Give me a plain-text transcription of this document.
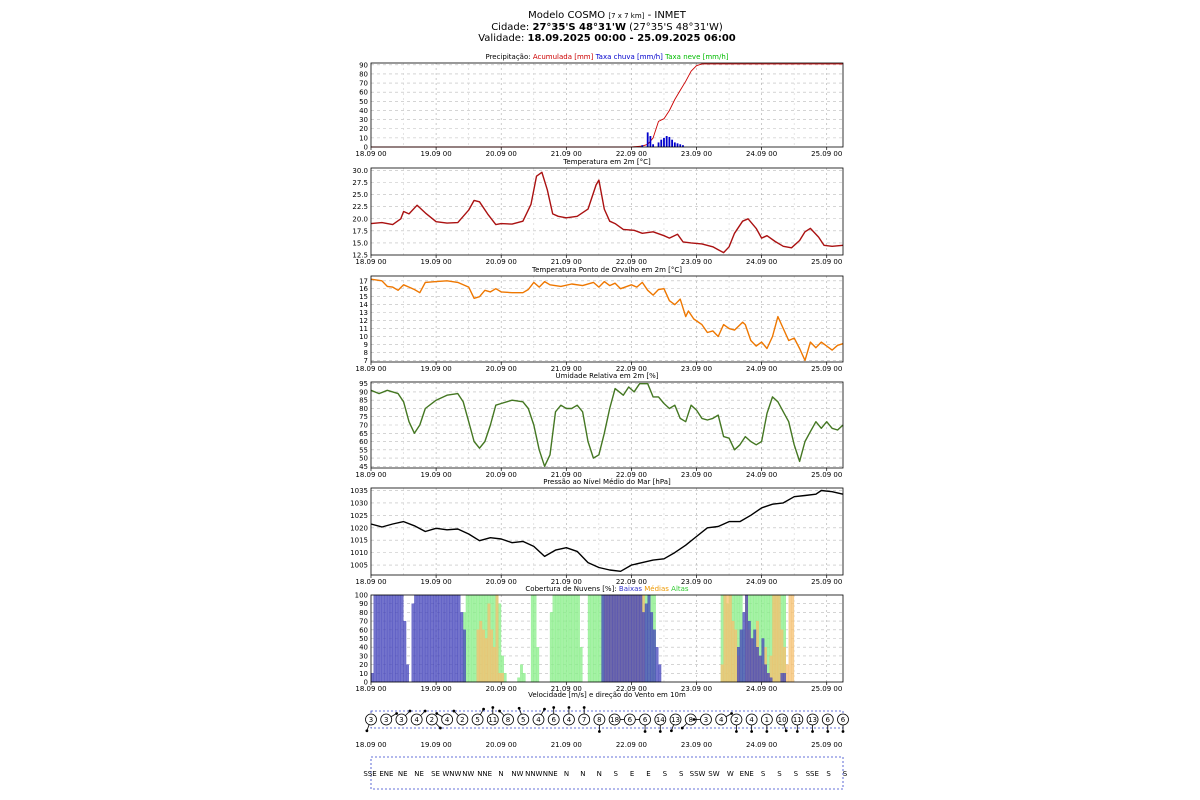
Modelo COSMO [7 x 7 km] - INMET
Cidade: 27°35'S 48°31'W (27°35'S 48°31'W)
Validade: 18.09.2025 00:00 - 25.09.2025 06:00
Precipitação: Acumulada [mm] Taxa chuva [mm/h] Taxa neve [mm/h]
0
10
20
30
40
50
60
70
80
90
18.09 00	19.09 00	20.09 00	21.09 00	22.09 00	23.09 00	24.09 00	25.09 00
Temperatura em 2m [°C]
12.5
15.0
17.5
20.0
22.5
25.0
27.5
30.0
18.09 00	19.09 00	20.09 00	21.09 00	22.09 00	23.09 00	24.09 00	25.09 00
Temperatura Ponto de Orvalho em 2m [°C]
7
8
9
10
11
12
13
14
15
16
17
18.09 00	19.09 00	20.09 00	21.09 00	22.09 00	23.09 00	24.09 00	25.09 00
Umidade Relativa em 2m [%]
45
50
55
60
65
70
75
80
85
90
95
18.09 00	19.09 00	20.09 00	21.09 00	22.09 00	23.09 00	24.09 00	25.09 00
Pressão ao Nível Médio do Mar [hPa]
1005
1010
1015
1020
1025
1030
1035
18.09 00	19.09 00	20.09 00	21.09 00	22.09 00	23.09 00	24.09 00	25.09 00
Cobertura de Nuvens [%]: Baixas Médias Altas
0
10
20
30
40
50
60
70
80
90
100
18.09 00	19.09 00	20.09 00	21.09 00	22.09 00	23.09 00	24.09 00	25.09 00
Velocidade [m/s] e direção do Vento em 10m
3 3 3 4 2 4 2 5 11 8 5 4 6 4 7 8 18 6 6 14 13 8 3 4 2 4 1 10 11 13 6 6
18.09 00	19.09 00	20.09 00	21.09 00	22.09 00	23.09 00	24.09 00	25.09 00
SSE ENE NE NE SE WNW NW NNE N NW NNW NNE N N N S E E S S SSW SW W ENE S S S SSE S S
